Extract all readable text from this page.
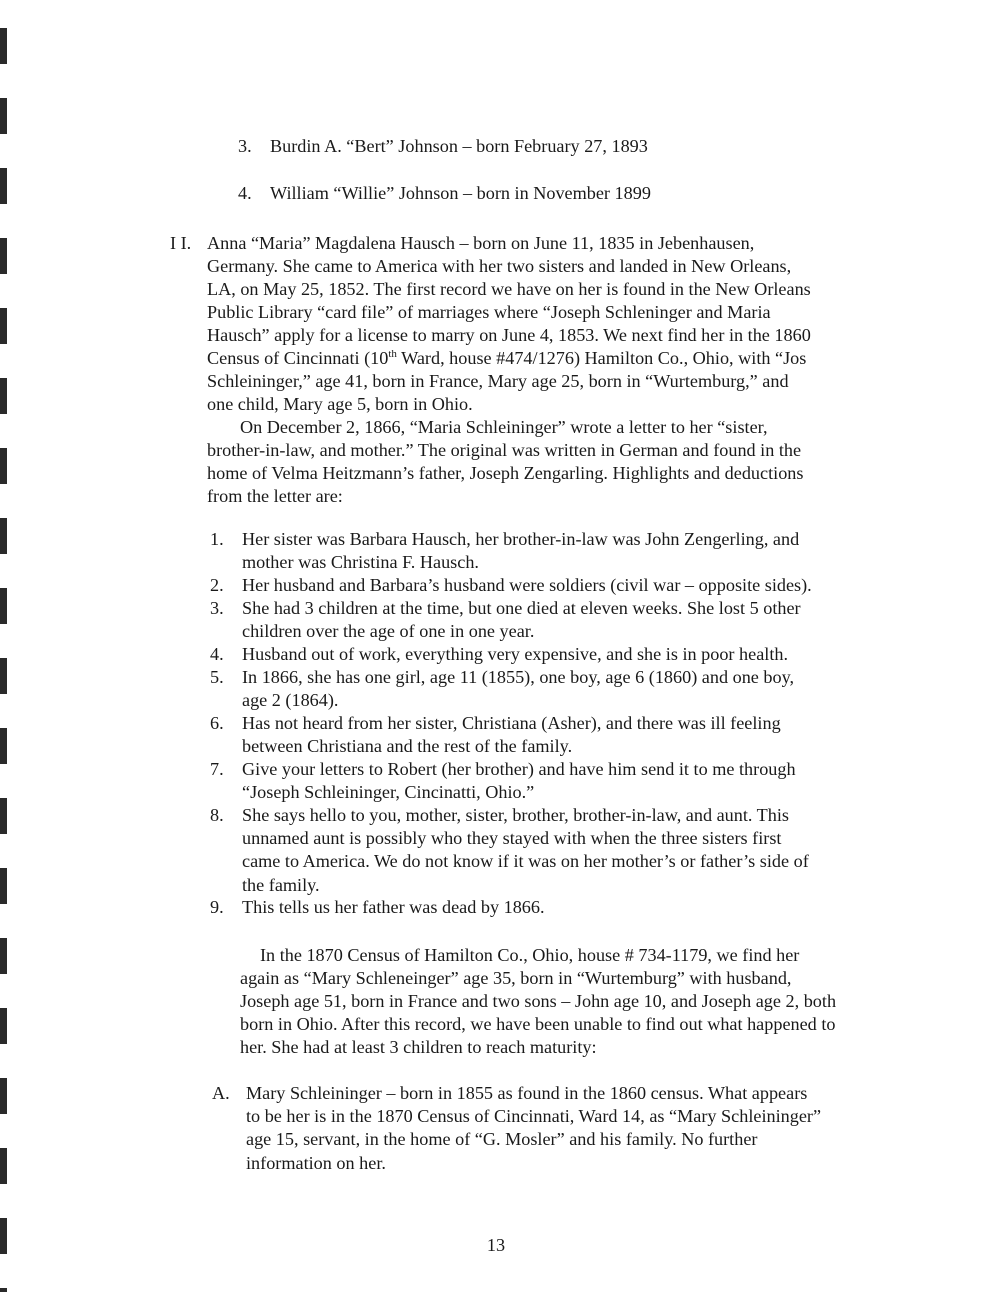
3. Burdin A. “Bert” Johnson – born February 27, 1893
4. William “Willie” Johnson – born in November 1899
I I. Anna “Maria” Magdalena Hausch – born on June 11, 1835 in Jebenhausen,
Germany. She came to America with her two sisters and landed in New Orleans,
LA, on May 25, 1852. The first record we have on her is found in the New Orleans
Public Library “card file” of marriages where “Joseph Schleninger and Maria
Hausch” apply for a license to marry on June 4, 1853. We next find her in the 1860
Census of Cincinnati (10th Ward, house #474/1276) Hamilton Co., Ohio, with “Jos
Schleininger,” age 41, born in France, Mary age 25, born in “Wurtemburg,” and
one child, Mary age 5, born in Ohio.
On December 2, 1866, “Maria Schleininger” wrote a letter to her “sister,
brother-in-law, and mother.” The original was written in German and found in the
home of Velma Heitzmann’s father, Joseph Zengarling. Highlights and deductions
from the letter are:
1. Her sister was Barbara Hausch, her brother-in-law was John Zengerling, and
mother was Christina F. Hausch.
2. Her husband and Barbara’s husband were soldiers (civil war – opposite sides).
3. She had 3 children at the time, but one died at eleven weeks. She lost 5 other
children over the age of one in one year.
4. Husband out of work, everything very expensive, and she is in poor health.
5. In 1866, she has one girl, age 11 (1855), one boy, age 6 (1860) and one boy,
age 2 (1864).
6. Has not heard from her sister, Christiana (Asher), and there was ill feeling
between Christiana and the rest of the family.
7. Give your letters to Robert (her brother) and have him send it to me through
“Joseph Schleininger, Cincinatti, Ohio.”
8. She says hello to you, mother, sister, brother, brother-in-law, and aunt. This
unnamed aunt is possibly who they stayed with when the three sisters first
came to America. We do not know if it was on her mother’s or father’s side of
the family.
9. This tells us her father was dead by 1866.
In the 1870 Census of Hamilton Co., Ohio, house # 734-1179, we find her
again as “Mary Schleneinger” age 35, born in “Wurtemburg” with husband,
Joseph age 51, born in France and two sons – John age 10, and Joseph age 2, both
born in Ohio. After this record, we have been unable to find out what happened to
her. She had at least 3 children to reach maturity:
A. Mary Schleininger – born in 1855 as found in the 1860 census. What appears
to be her is in the 1870 Census of Cincinnati, Ward 14, as “Mary Schleininger”
age 15, servant, in the home of “G. Mosler” and his family. No further
information on her.
13
